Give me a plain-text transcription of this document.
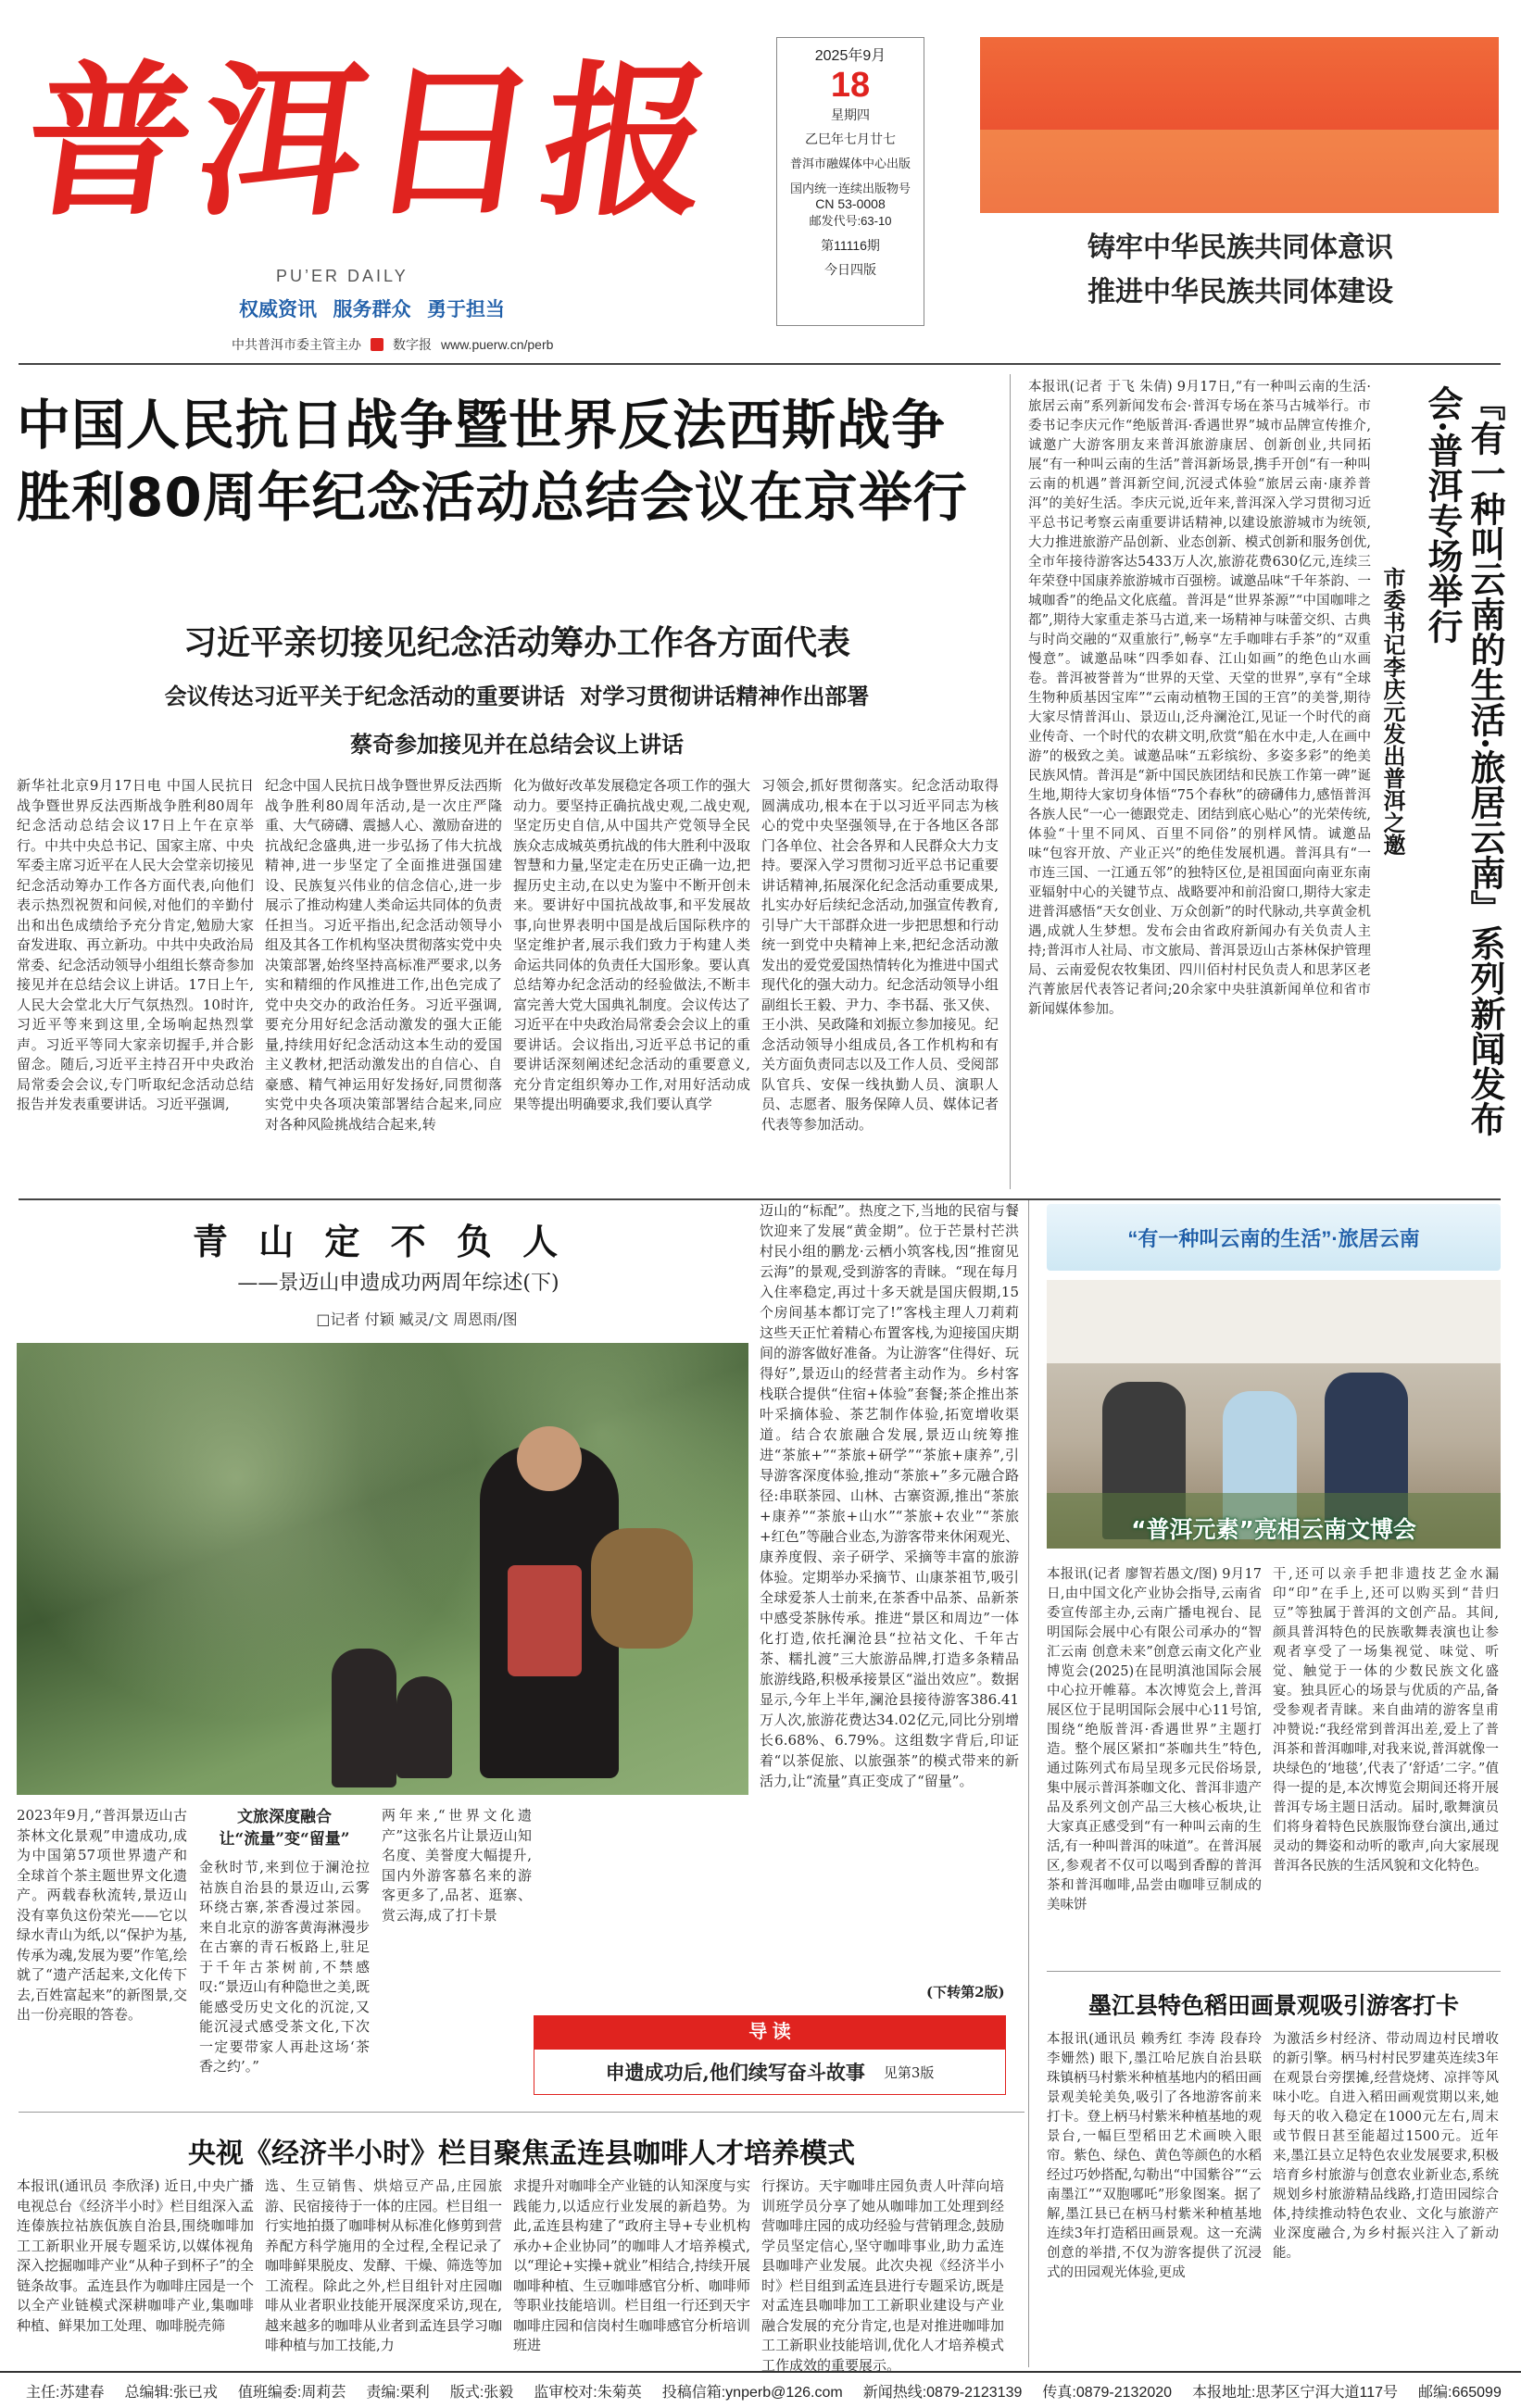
普洱日报
PU’ER DAILY
权威资讯   服务群众   勇于担当
中共普洱市委主管主办 数字报 www.puerw.cn/perb
2025年9月
18
星期四
乙巳年七月廿七
普洱市融媒体中心出版
国内统一连续出版物号
CN 53-0008
邮发代号:63-10
第11116期
今日四版
铸牢中华民族共同体意识
推进中华民族共同体建设
中国人民抗日战争暨世界反法西斯战争
胜利80周年纪念活动总结会议在京举行
习近平亲切接见纪念活动筹办工作各方面代表
会议传达习近平关于纪念活动的重要讲话  对学习贯彻讲话精神作出部署
蔡奇参加接见并在总结会议上讲话
新华社北京9月17日电 中国人民抗日战争暨世界反法西斯战争胜利80周年纪念活动总结会议17日上午在京举行。中共中央总书记、国家主席、中央军委主席习近平在人民大会堂亲切接见纪念活动筹办工作各方面代表,向他们表示热烈祝贺和问候,对他们的辛勤付出和出色成绩给予充分肯定,勉励大家奋发进取、再立新功。中共中央政治局常委、纪念活动领导小组组长蔡奇参加接见并在总结会议上讲话。17日上午,人民大会堂北大厅气氛热烈。10时许,习近平等来到这里,全场响起热烈掌声。习近平等同大家亲切握手,并合影留念。随后,习近平主持召开中央政治局常委会会议,专门听取纪念活动总结报告并发表重要讲话。习近平强调,
纪念中国人民抗日战争暨世界反法西斯战争胜利80周年活动,是一次庄严隆重、大气磅礴、震撼人心、激励奋进的抗战纪念盛典,进一步弘扬了伟大抗战精神,进一步坚定了全面推进强国建设、民族复兴伟业的信念信心,进一步展示了推动构建人类命运共同体的负责任担当。习近平指出,纪念活动领导小组及其各工作机构坚决贯彻落实党中央决策部署,始终坚持高标准严要求,以务实和精细的作风推进工作,出色完成了党中央交办的政治任务。习近平强调,要充分用好纪念活动激发的强大正能量,持续用好纪念活动这本生动的爱国主义教材,把活动激发出的自信心、自豪感、精气神运用好发扬好,同贯彻落实党中央各项决策部署结合起来,同应对各种风险挑战结合起来,转
化为做好改革发展稳定各项工作的强大动力。要坚持正确抗战史观,二战史观,坚定历史自信,从中国共产党领导全民族众志成城英勇抗战的伟大胜利中汲取智慧和力量,坚定走在历史正确一边,把握历史主动,在以史为鉴中不断开创未来。要讲好中国抗战故事,和平发展故事,向世界表明中国是战后国际秩序的坚定维护者,展示我们致力于构建人类命运共同体的负责任大国形象。要认真总结筹办纪念活动的经验做法,不断丰富完善大党大国典礼制度。会议传达了习近平在中央政治局常委会会议上的重要讲话。会议指出,习近平总书记的重要讲话深刻阐述纪念活动的重要意义,充分肯定组织筹办工作,对用好活动成果等提出明确要求,我们要认真学
习领会,抓好贯彻落实。纪念活动取得圆满成功,根本在于以习近平同志为核心的党中央坚强领导,在于各地区各部门各单位、社会各界和人民群众大力支持。要深入学习贯彻习近平总书记重要讲话精神,拓展深化纪念活动重要成果,扎实办好后续纪念活动,加强宣传教育,引导广大干部群众进一步把思想和行动统一到党中央精神上来,把纪念活动激发出的爱党爱国热情转化为推进中国式现代化的强大动力。纪念活动领导小组副组长王毅、尹力、李书磊、张又侠、王小洪、吴政隆和刘振立参加接见。纪念活动领导小组成员,各工作机构和有关方面负责同志以及工作人员、受阅部队官兵、安保一线执勤人员、演职人员、志愿者、服务保障人员、媒体记者代表等参加活动。
本报讯(记者 于飞 朱倩) 9月17日,“有一种叫云南的生活·旅居云南”系列新闻发布会·普洱专场在茶马古城举行。市委书记李庆元作“绝版普洱·香遇世界”城市品牌宣传推介,诚邀广大游客朋友来普洱旅游康居、创新创业,共同拓展“有一种叫云南的生活”普洱新场景,携手开创“有一种叫云南的机遇”普洱新空间,沉浸式体验“旅居云南·康养普洱”的美好生活。李庆元说,近年来,普洱深入学习贯彻习近平总书记考察云南重要讲话精神,以建设旅游城市为统领,大力推进旅游产品创新、业态创新、模式创新和服务创优,全市年接待游客达5433万人次,旅游花费630亿元,连续三年荣登中国康养旅游城市百强榜。诚邀品味“千年茶韵、一城咖香”的绝品文化底蕴。普洱是“世界茶源”“中国咖啡之都”,期待大家重走茶马古道,来一场精神与味蕾交织、古典与时尚交融的“双重旅行”,畅享“左手咖啡右手茶”的“双重慢意”。诚邀品味“四季如春、江山如画”的绝色山水画卷。普洱被誉普为“世界的天堂、天堂的世界”,享有“全球生物种质基因宝库”“云南动植物王国的王宫”的美誉,期待大家尽情普洱山、景迈山,泛舟澜沧江,见证一个时代的商业传奇、一个时代的农耕文明,欣赏“船在水中走,人在画中游”的极致之美。诚邀品味“五彩缤纷、多姿多彩”的绝美民族风情。普洱是“新中国民族团结和民族工作第一碑”诞生地,期待大家切身体悟“75个春秋”的磅礴伟力,感悟普洱各族人民“一心一德跟党走、团结到底心贴心”的光荣传统,体验“十里不同风、百里不同俗”的别样风情。诚邀品味“包容开放、产业正兴”的绝佳发展机遇。普洱具有“一市连三国、一江通五邻”的独特区位,是祖国面向南亚东南亚辐射中心的关键节点、战略要冲和前沿窗口,期待大家走进普洱感悟“天女创业、万众创新”的时代脉动,共享黄金机遇,成就人生梦想。发布会由省政府新闻办有关负责人主持;普洱市人社局、市文旅局、普洱景迈山古茶林保护管理局、云南爱倪农牧集团、四川佰村村民负责人和思茅区老汽菁旅居代表答记者问;20余家中央驻滇新闻单位和省市新闻媒体参加。	『有一种叫云南的生活·旅居云南』系列新闻发布会·普洱专场举行
市委书记李庆元发出普洱之邀
青 山 定 不 负 人
——景迈山申遗成功两周年综述(下)
□记者 付颖 臧灵/文 周恩雨/图
2023年9月,“普洱景迈山古茶林文化景观”申遗成功,成为中国第57项世界遗产和全球首个茶主题世界文化遗产。两载春秋流转,景迈山没有辜负这份荣光——它以绿水青山为纸,以“保护为基,传承为魂,发展为要”作笔,绘就了“遗产活起来,文化传下去,百姓富起来”的新图景,交出一份亮眼的答卷。
文旅深度融合
让“流量”变“留量”
金秋时节,来到位于澜沧拉祜族自治县的景迈山,云雾环绕古寨,茶香漫过茶园。来自北京的游客黄海淋漫步在古寨的青石板路上,驻足于千年古茶树前,不禁感叹:“景迈山有种隐世之美,既能感受历史文化的沉淀,又能沉浸式感受茶文化,下次一定要带家人再赴这场‘茶香之约’。”
两年来,“世界文化遗产”这张名片让景迈山知名度、美誉度大幅提升,国内外游客慕名来的游客更多了,品茗、逛寨、赏云海,成了打卡景
迈山的“标配”。热度之下,当地的民宿与餐饮迎来了发展“黄金期”。位于芒景村芒洪村民小组的鹏龙·云栖小筑客栈,因“推窗见云海”的景观,受到游客的青睐。“现在每月入住率稳定,再过十多天就是国庆假期,15个房间基本都订完了!”客栈主理人刀莉莉这些天正忙着精心布置客栈,为迎接国庆期间的游客做好准备。为让游客“住得好、玩得好”,景迈山的经营者主动作为。乡村客栈联合提供“住宿+体验”套餐;茶企推出茶叶采摘体验、茶艺制作体验,拓宽增收渠道。结合农旅融合发展,景迈山统筹推进“茶旅+”“茶旅+研学”“茶旅+康养”,引导游客深度体验,推动“茶旅+”多元融合路径:串联茶园、山林、古寨资源,推出“茶旅+康养”“茶旅+山水”“茶旅+农业”“茶旅+红色”等融合业态,为游客带来休闲观光、康养度假、亲子研学、采摘等丰富的旅游体验。定期举办采摘节、山康茶祖节,吸引全球爱茶人士前来,在茶香中品茶、品新茶中感受茶脉传承。推进“景区和周边”一体化打造,依托澜沧县“拉祜文化、千年古茶、糯扎渡”三大旅游品牌,打造多条精品旅游线路,积极承接景区“溢出效应”。数据显示,今年上半年,澜沧县接待游客386.41万人次,旅游花费达34.02亿元,同比分别增长6.68%、6.79%。这组数字背后,印证着“以茶促旅、以旅强茶”的模式带来的新活力,让“流量”真正变成了“留量”。
(下转第2版)
导 读
申遗成功后,他们续写奋斗故事 见第3版
央视《经济半小时》栏目聚焦孟连县咖啡人才培养模式
本报讯(通讯员 李欣泽) 近日,中央广播电视总台《经济半小时》栏目组深入孟连傣族拉祜族佤族自治县,围绕咖啡加工工新职业开展专题采访,以媒体视角深入挖掘咖啡产业“从种子到杯子”的全链条故事。孟连县作为咖啡庄园是一个以全产业链模式深耕咖啡产业,集咖啡种植、鲜果加工处理、咖啡脱壳筛
选、生豆销售、烘焙豆产品,庄园旅游、民宿接待于一体的庄园。栏目组一行实地拍摄了咖啡树从标准化修剪到营养配方科学施用的全过程,全程记录了咖啡鲜果脱皮、发酵、干燥、筛选等加工流程。除此之外,栏目组针对庄园咖啡从业者职业技能开展深度采访,现在,越来越多的咖啡从业者到孟连县学习咖啡种植与加工技能,力
求提升对咖啡全产业链的认知深度与实践能力,以适应行业发展的新趋势。为此,孟连县构建了“政府主导+专业机构承办+企业协同”的咖啡人才培养模式,以“理论+实操+就业”相结合,持续开展咖啡种植、生豆咖啡感官分析、咖啡师等职业技能培训。栏目组一行还到天宇咖啡庄园和信岗村生咖啡感官分析培训班进
行探访。天宇咖啡庄园负责人叶萍向培训班学员分享了她从咖啡加工处理到经营咖啡庄园的成功经验与营销理念,鼓励学员坚定信心,坚守咖啡事业,助力孟连县咖啡产业发展。此次央视《经济半小时》栏目组到孟连县进行专题采访,既是对孟连县咖啡加工工新职业建设与产业融合发展的充分肯定,也是对推进咖啡加工工新职业技能培训,优化人才培养模式工作成效的重要展示。
“有一种叫云南的生活”·旅居云南
“普洱元素”亮相云南文博会
本报讯(记者 廖智若愚文/图) 9月17日,由中国文化产业协会指导,云南省委宣传部主办,云南广播电视台、昆明国际会展中心有限公司承办的“智汇云南 创意未来”创意云南文化产业博览会(2025)在昆明滇池国际会展中心拉开帷幕。本次博览会上,普洱展区位于昆明国际会展中心11号馆,围绕“绝版普洱·香遇世界”主题打造。整个展区紧扣“茶咖共生”特色,通过陈列式布局呈现多元民俗场景,集中展示普洱茶咖文化、普洱非遗产品及系列文创产品三大核心板块,让大家真正感受到“有一种叫云南的生活,有一种叫普洱的味道”。在普洱展区,参观者不仅可以喝到香醇的普洱茶和普洱咖啡,品尝由咖啡豆制成的美味饼
干,还可以亲手把非遗技艺金水漏印“印”在手上,还可以购买到“昔归豆”等独属于普洱的文创产品。其间,颜具普洱特色的民族歌舞表演也让参观者享受了一场集视觉、味觉、听觉、触觉于一体的少数民族文化盛宴。独具匠心的场景与优质的产品,备受参观者青睐。来自曲靖的游客皇甫冲赞说:“我经常到普洱出差,爱上了普洱茶和普洱咖啡,对我来说,普洱就像一块绿色的‘地毯’,代表了‘舒适’二字。”值得一提的是,本次博览会期间还将开展普洱专场主题日活动。届时,歌舞演员们将身着特色民族服饰登台演出,通过灵动的舞姿和动听的歌声,向大家展现普洱各民族的生活风貌和文化特色。
墨江县特色稻田画景观吸引游客打卡
本报讯(通讯员 赖秀红 李涛 段春玲 李姗然) 眼下,墨江哈尼族自治县联珠镇柄马村紫米种植基地内的稻田画景观美轮美奂,吸引了各地游客前来打卡。登上柄马村紫米种植基地的观景台,一幅巨型稻田艺术画映入眼帘。紫色、绿色、黄色等颜色的水稻经过巧妙搭配,勾勒出“中国紫谷”“云南墨江”“双胞哪吒”形象图案。据了解,墨江县已在柄马村紫米种植基地连续3年打造稻田画景观。这一充满创意的举措,不仅为游客提供了沉浸式的田园观光体验,更成
为激活乡村经济、带动周边村民增收的新引擎。柄马村村民罗建英连续3年在观景台旁摆摊,经营烧烤、凉拌等风味小吃。自进入稻田画观赏期以来,她每天的收入稳定在1000元左右,周末或节假日甚至能超过1500元。近年来,墨江县立足特色农业发展要求,积极培育乡村旅游与创意农业新业态,系统规划乡村旅游精品线路,打造田园综合体,持续推动特色农业、文化与旅游产业深度融合,为乡村振兴注入了新动能。
主任:苏建春 总编辑:张已戎 值班编委:周莉芸 责编:栗利 版式:张毅 监审校对:朱菊英 投稿信箱:ynperb@126.com 新闻热线:0879-2123139 传真:0879-2132020 本报地址:思茅区宁洱大道117号 邮编:665099
